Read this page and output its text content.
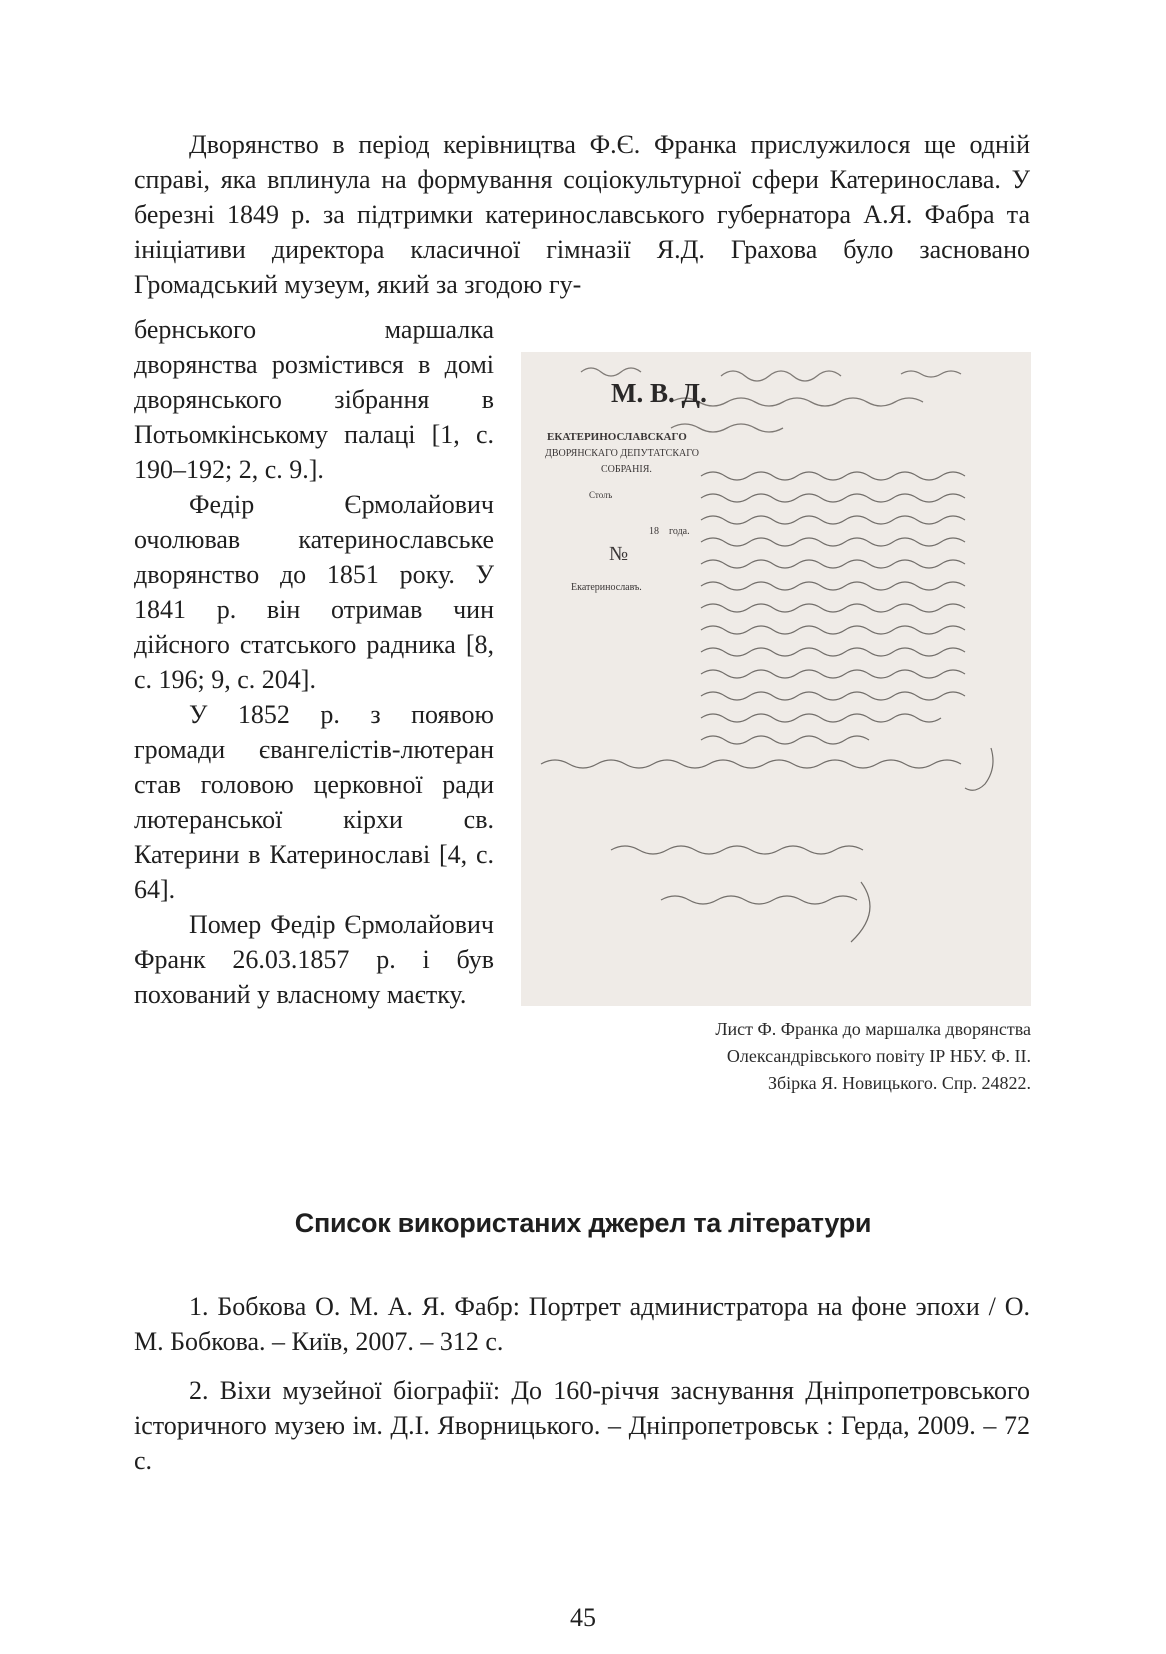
Дворянство в період керівництва Ф.Є. Франка прислужилося ще одній справі, яка вплинула на формування соціокультурної сфери Катеринослава. У березні 1849 р. за підтримки катеринославського губернатора А.Я. Фабра та ініціативи директора класичної гімназії Я.Д. Грахова було засновано Громадський музеум, який за згодою гу-

бернського маршалка дворянства розмістився в домі дворянського зібрання в Потьомкінському палаці [1, с. 190–192; 2, с. 9.].

Федір Єрмолайович очолював катеринославське дворянство до 1851 року. У 1841 р. він отримав чин дійсного статського радника [8, с. 196; 9, с. 204].

У 1852 р. з появою громади євангелістів-лютеран став головою церковної ради лютеранської кірхи св. Катерини в Катеринославі [4, с. 64].

Помер Федір Єрмолайович Франк 26.03.1857 р. і був похований у власному маєтку.

М. В. Д.
ЕКАТЕРИНОСЛАВСКАГО
ДВОРЯНСКАГО ДЕПУТАТСКАГО
СОБРАНІЯ.
Столъ
18 года.
№
Екатеринославъ.
Лист Ф. Франка до маршалка дворянства
Олександрівського повіту ІР НБУ. Ф. ІІ.
Збірка Я. Новицького. Спр. 24822.
Список використаних джерел та літератури

1. Бобкова О. М. А. Я. Фабр: Портрет администратора на фоне эпохи / О. М. Бобкова. – Київ, 2007. – 312 с.

2. Віхи музейної біографії: До 160-річчя заснування Дніпропетровського історичного музею ім. Д.І. Яворницького. – Дніпропетровськ : Герда, 2009. – 72 с.

45
